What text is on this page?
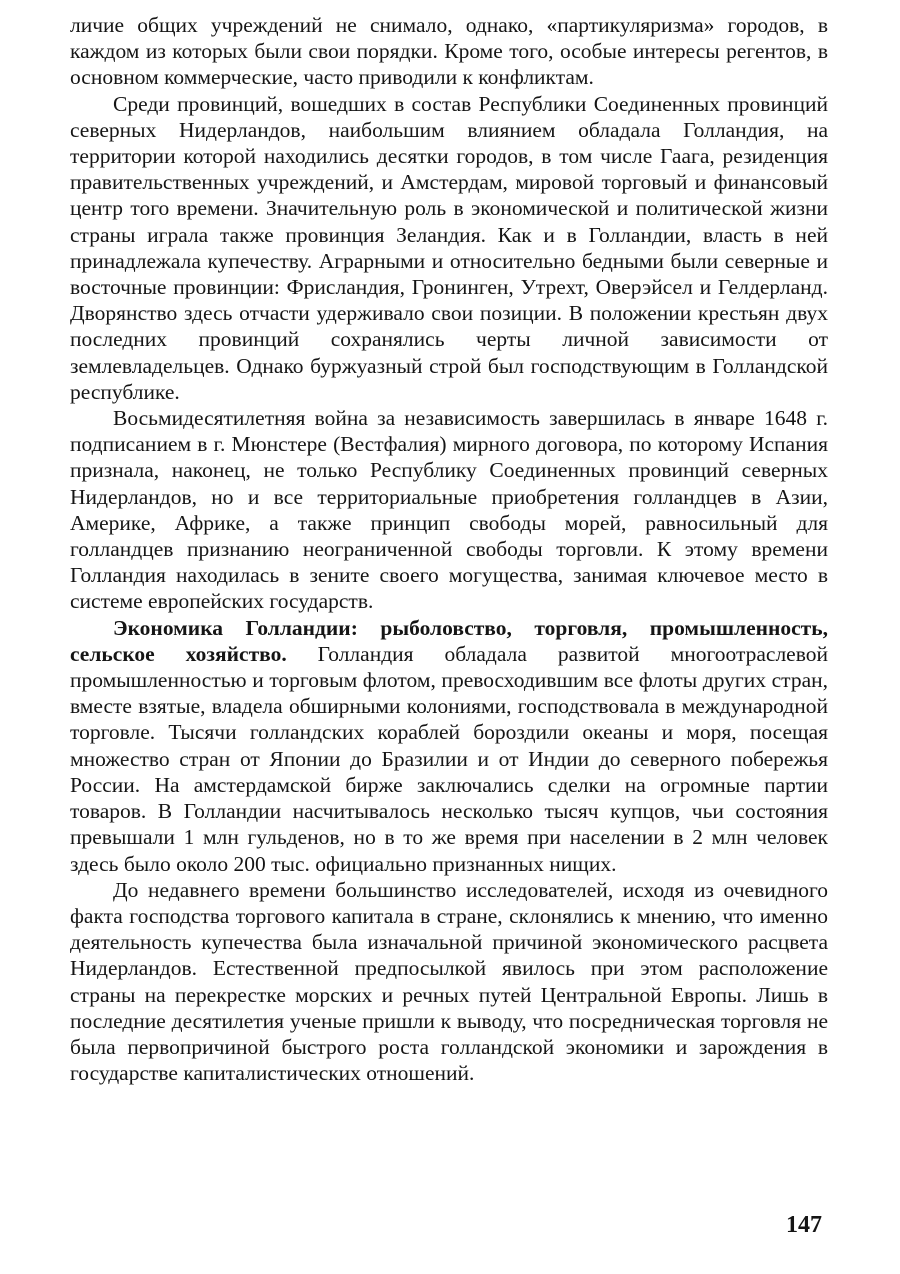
личие общих учреждений не снимало, однако, «партикуляризма» городов, в каждом из которых были свои порядки. Кроме того, особые интересы регентов, в основном коммерческие, часто приводили к конфликтам.

Среди провинций, вошедших в состав Республики Соединенных провинций северных Нидерландов, наибольшим влиянием обладала Голландия, на территории которой находились десятки городов, в том числе Гаага, резиденция правительственных учреждений, и Амстердам, мировой торговый и финансовый центр того времени. Значительную роль в экономической и политической жизни страны играла также провинция Зеландия. Как и в Голландии, власть в ней принадлежала купечеству. Аграрными и относительно бедными были северные и восточные провинции: Фрисландия, Гронинген, Утрехт, Оверэйсел и Гелдерланд. Дворянство здесь отчасти удерживало свои позиции. В положении крестьян двух последних провинций сохранялись черты личной зависимости от землевладельцев. Однако буржуазный строй был господствующим в Голландской республике.

Восьмидесятилетняя война за независимость завершилась в январе 1648 г. подписанием в г. Мюнстере (Вестфалия) мирного договора, по которому Испания признала, наконец, не только Республику Соединенных провинций северных Нидерландов, но и все территориальные приобретения голландцев в Азии, Америке, Африке, а также принцип свободы морей, равносильный для голландцев признанию неограниченной свободы торговли. К этому времени Голландия находилась в зените своего могущества, занимая ключевое место в системе европейских государств.

Экономика Голландии: рыболовство, торговля, промышленность, сельское хозяйство. Голландия обладала развитой многоотраслевой промышленностью и торговым флотом, превосходившим все флоты других стран, вместе взятые, владела обширными колониями, господствовала в международной торговле. Тысячи голландских кораблей бороздили океаны и моря, посещая множество стран от Японии до Бразилии и от Индии до северного побережья России. На амстердамской бирже заключались сделки на огромные партии товаров. В Голландии насчитывалось несколько тысяч купцов, чьи состояния превышали 1 млн гульденов, но в то же время при населении в 2 млн человек здесь было около 200 тыс. официально признанных нищих.

До недавнего времени большинство исследователей, исходя из очевидного факта господства торгового капитала в стране, склонялись к мнению, что именно деятельность купечества была изначальной причиной экономического расцвета Нидерландов. Естественной предпосылкой явилось при этом расположение страны на перекрестке морских и речных путей Центральной Европы. Лишь в последние десятилетия ученые пришли к выводу, что посредническая торговля не была первопричиной быстрого роста голландской экономики и зарождения в государстве капиталистических отношений.

147
